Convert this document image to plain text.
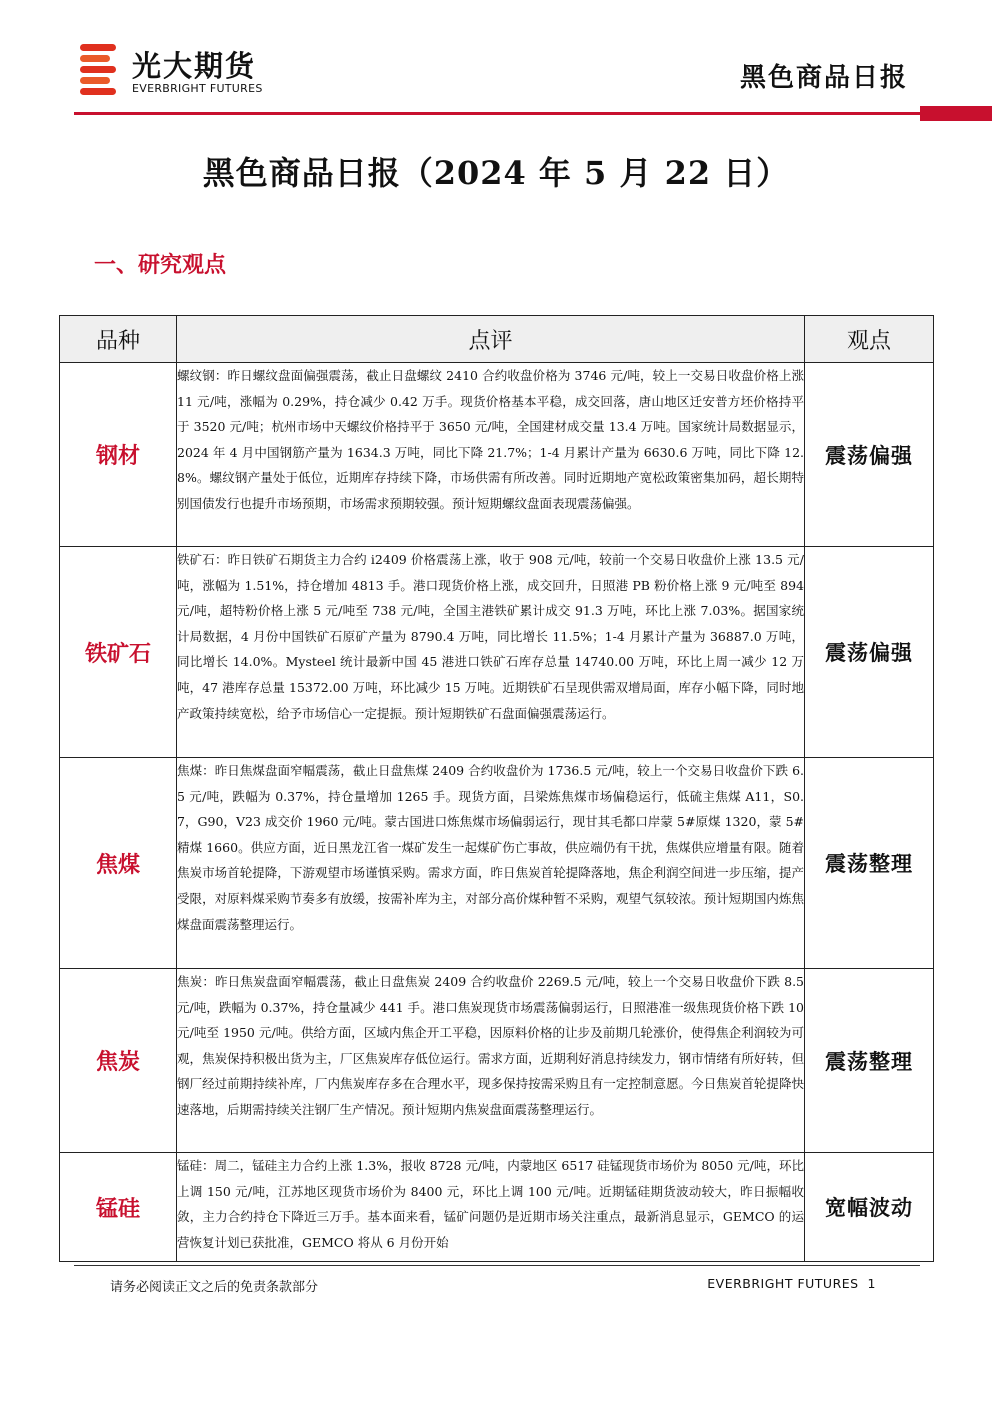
光大期货
EVERBRIGHT FUTURES	黑色商品日报
黑色商品日报（2024 年 5 月 22 日）
一、研究观点
品种	点评	观点
钢材	螺纹钢：昨日螺纹盘面偏强震荡，截止日盘螺纹 2410 合约收盘价格为 3746 元/吨，较上一交易日收盘价格上涨 11 元/吨，涨幅为 0.29%，持仓减少 0.42 万手。现货价格基本平稳，成交回落，唐山地区迁安普方坯价格持平于 3520 元/吨；杭州市场中天螺纹价格持平于 3650 元/吨，全国建材成交量 13.4 万吨。国家统计局数据显示，2024 年 4 月中国钢筋产量为 1634.3 万吨，同比下降 21.7%；1-4 月累计产量为 6630.6 万吨，同比下降 12.8%。螺纹钢产量处于低位，近期库存持续下降，市场供需有所改善。同时近期地产宽松政策密集加码，超长期特别国债发行也提升市场预期，市场需求预期较强。预计短期螺纹盘面表现震荡偏强。	震荡偏强
铁矿石	铁矿石：昨日铁矿石期货主力合约 i2409 价格震荡上涨，收于 908 元/吨，较前一个交易日收盘价上涨 13.5 元/吨，涨幅为 1.51%，持仓增加 4813 手。港口现货价格上涨，成交回升，日照港 PB 粉价格上涨 9 元/吨至 894 元/吨，超特粉价格上涨 5 元/吨至 738 元/吨，全国主港铁矿累计成交 91.3 万吨，环比上涨 7.03%。据国家统计局数据，4 月份中国铁矿石原矿产量为 8790.4 万吨，同比增长 11.5%；1-4 月累计产量为 36887.0 万吨，同比增长 14.0%。Mysteel 统计最新中国 45 港进口铁矿石库存总量 14740.00 万吨，环比上周一减少 12 万吨，47 港库存总量 15372.00 万吨，环比减少 15 万吨。近期铁矿石呈现供需双增局面，库存小幅下降，同时地产政策持续宽松，给予市场信心一定提振。预计短期铁矿石盘面偏强震荡运行。	震荡偏强
焦煤	焦煤：昨日焦煤盘面窄幅震荡，截止日盘焦煤 2409 合约收盘价为 1736.5 元/吨，较上一个交易日收盘价下跌 6.5 元/吨，跌幅为 0.37%，持仓量增加 1265 手。现货方面，吕梁炼焦煤市场偏稳运行，低硫主焦煤 A11，S0.7，G90，V23 成交价 1960 元/吨。蒙古国进口炼焦煤市场偏弱运行，现甘其毛都口岸蒙 5#原煤 1320，蒙 5#精煤 1660。供应方面，近日黑龙江省一煤矿发生一起煤矿伤亡事故，供应端仍有干扰，焦煤供应增量有限。随着焦炭市场首轮提降，下游观望市场谨慎采购。需求方面，昨日焦炭首轮提降落地，焦企利润空间进一步压缩，提产受限，对原料煤采购节奏多有放缓，按需补库为主，对部分高价煤种暂不采购，观望气氛较浓。预计短期国内炼焦煤盘面震荡整理运行。	震荡整理
焦炭	焦炭：昨日焦炭盘面窄幅震荡，截止日盘焦炭 2409 合约收盘价 2269.5 元/吨，较上一个交易日收盘价下跌 8.5 元/吨，跌幅为 0.37%，持仓量减少 441 手。港口焦炭现货市场震荡偏弱运行，日照港准一级焦现货价格下跌 10 元/吨至 1950 元/吨。供给方面，区域内焦企开工平稳，因原料价格的让步及前期几轮涨价，使得焦企利润较为可观，焦炭保持积极出货为主，厂区焦炭库存低位运行。需求方面，近期利好消息持续发力，钢市情绪有所好转，但钢厂经过前期持续补库，厂内焦炭库存多在合理水平，现多保持按需采购且有一定控制意愿。今日焦炭首轮提降快速落地，后期需持续关注钢厂生产情况。预计短期内焦炭盘面震荡整理运行。	震荡整理
锰硅	锰硅：周二，锰硅主力合约上涨 1.3%，报收 8728 元/吨，内蒙地区 6517 硅锰现货市场价为 8050 元/吨，环比上调 150 元/吨，江苏地区现货市场价为 8400 元，环比上调 100 元/吨。近期锰硅期货波动较大，昨日振幅收敛，主力合约持仓下降近三万手。基本面来看，锰矿问题仍是近期市场关注重点，最新消息显示，GEMCO 的运营恢复计划已获批准，GEMCO 将从 6 月份开始	宽幅波动
请务必阅读正文之后的免责条款部分	EVERBRIGHT FUTURES 1
